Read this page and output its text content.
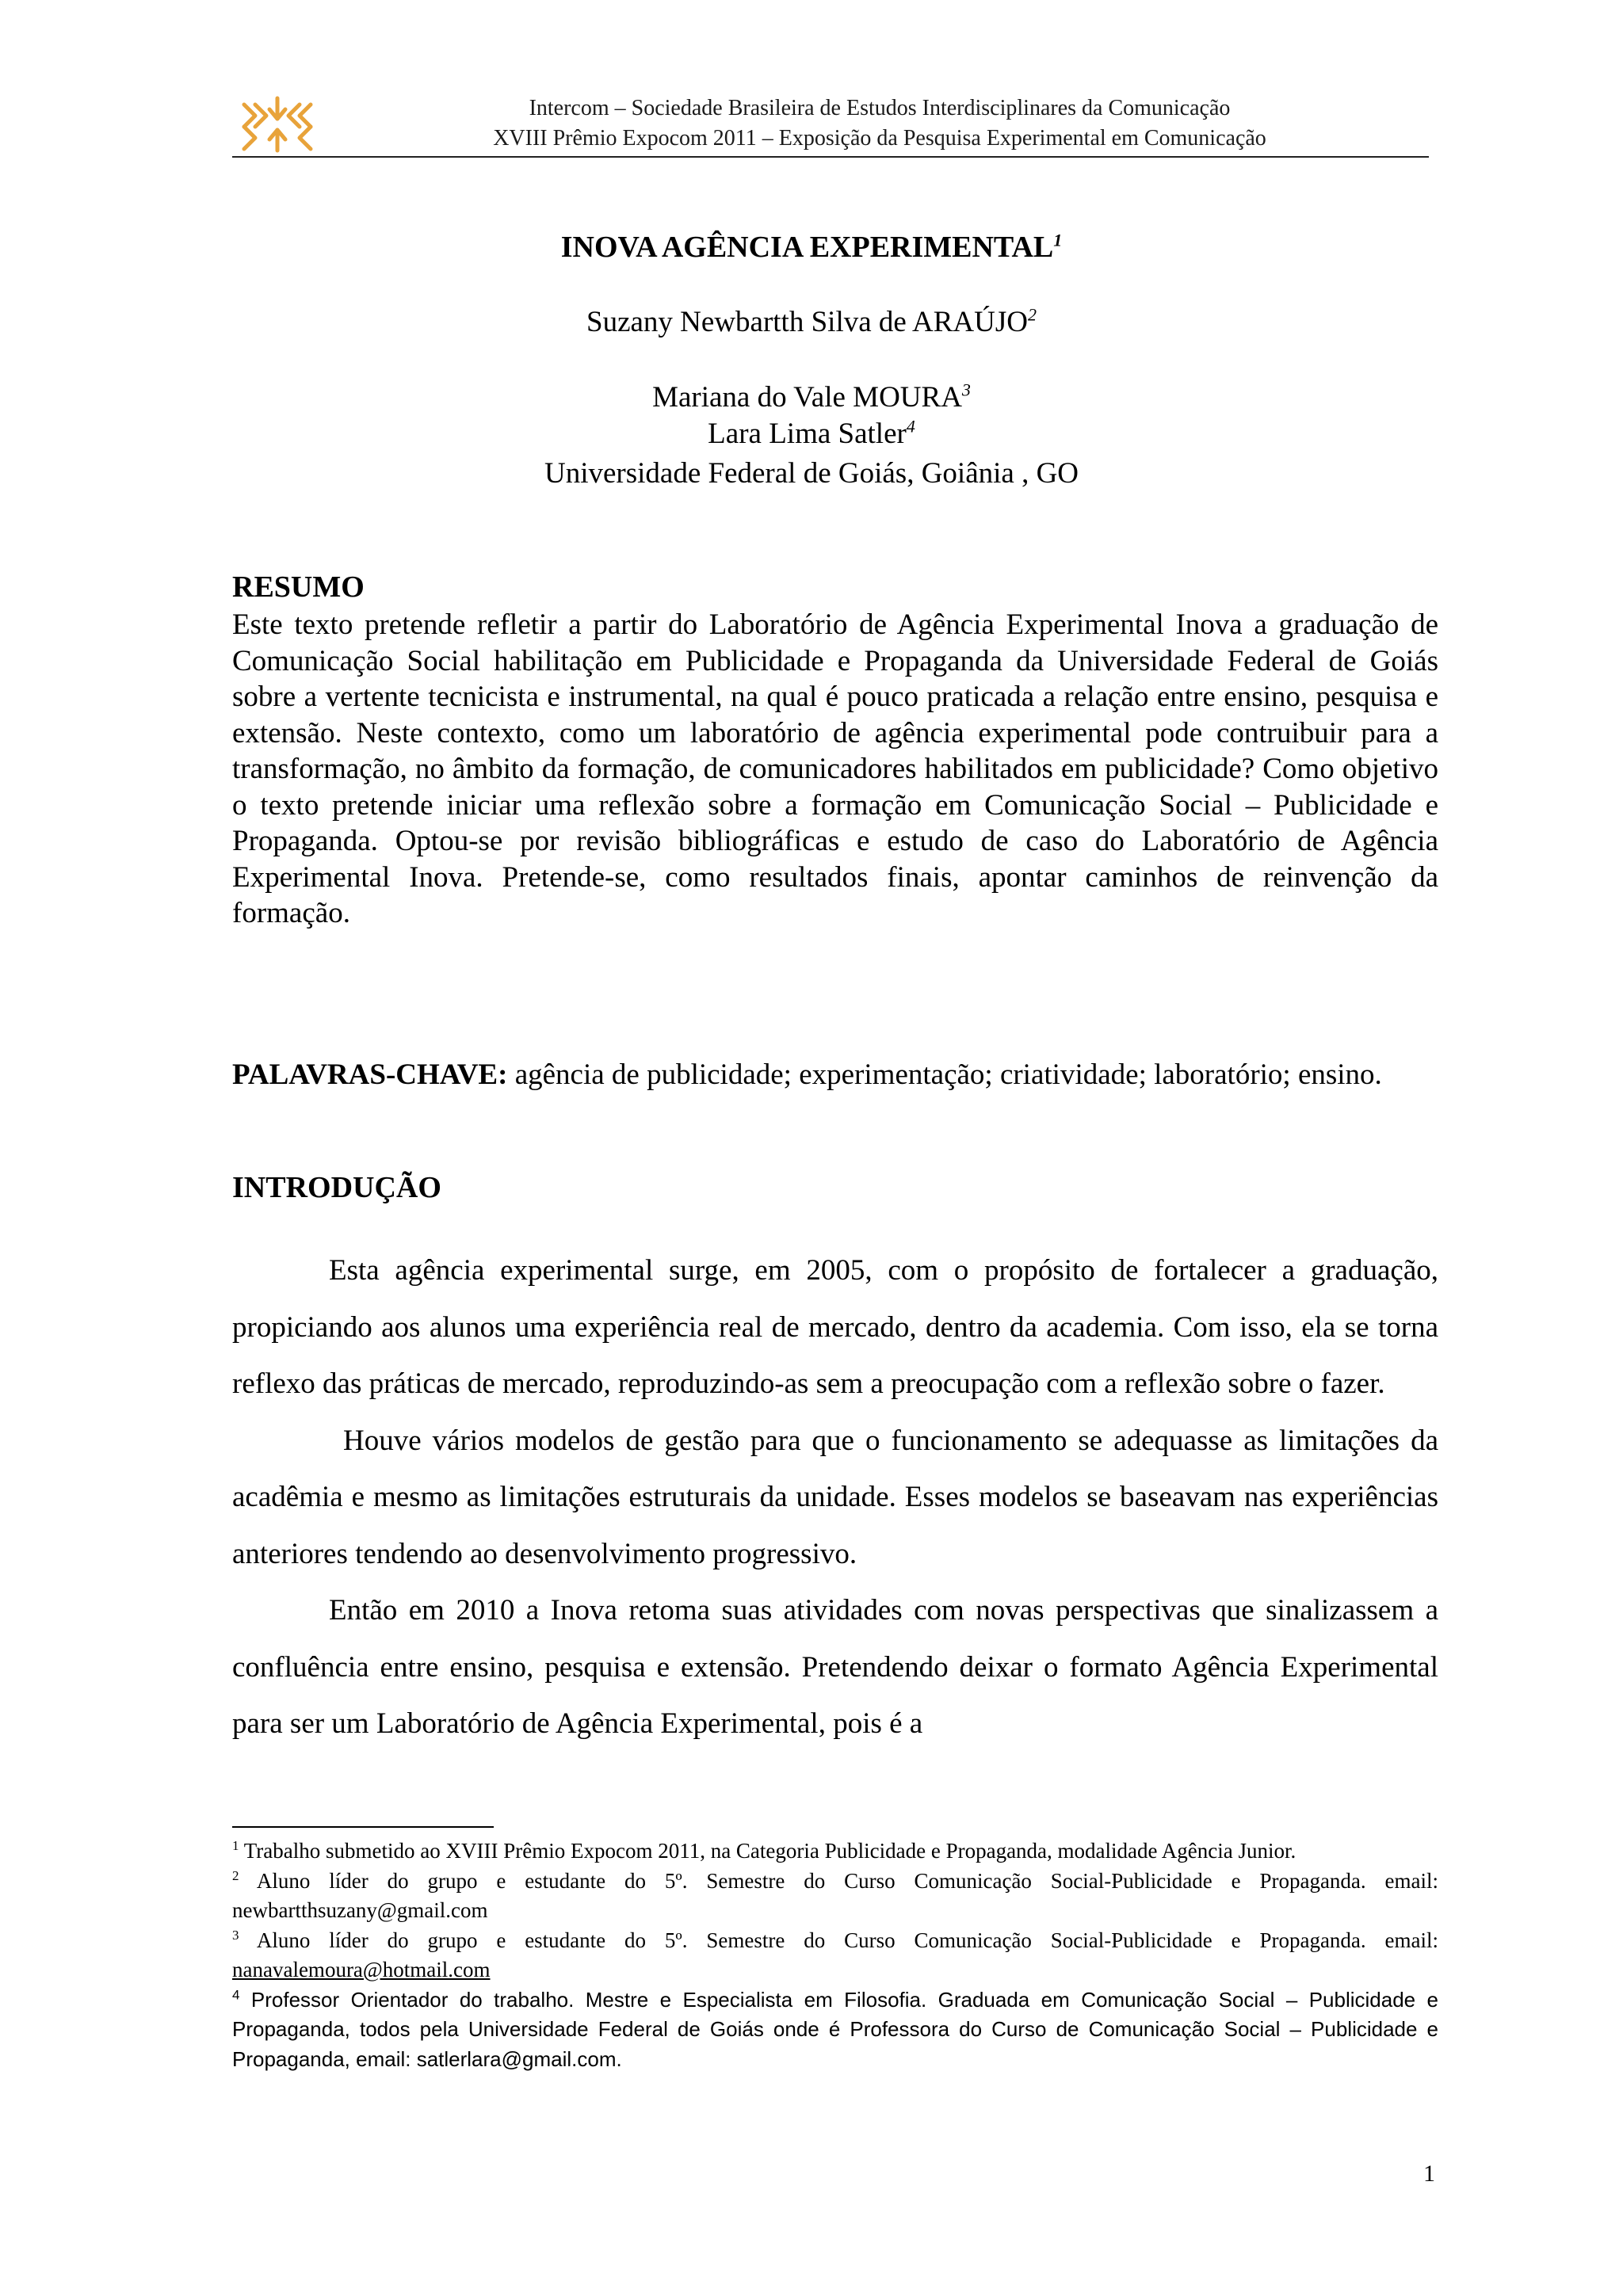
Intercom – Sociedade Brasileira de Estudos Interdisciplinares da Comunicação
XVIII Prêmio Expocom 2011 – Exposição da Pesquisa Experimental em Comunicação
INOVA AGÊNCIA EXPERIMENTAL$^1$
Suzany Newbartth Silva de ARAÚJO$^2$
Mariana do Vale MOURA$^3$
Lara Lima Satler$^4$
Universidade Federal de Goiás, Goiânia , GO
RESUMO
Este texto pretende refletir a partir do Laboratório de Agência Experimental Inova a graduação de Comunicação Social habilitação em Publicidade e Propaganda da Universidade Federal de Goiás sobre a vertente tecnicista e instrumental, na qual é pouco praticada a relação entre ensino, pesquisa e extensão. Neste contexto, como um laboratório de agência experimental pode contruibuir para a transformação, no âmbito da formação, de comunicadores habilitados em publicidade? Como objetivo o texto pretende iniciar uma reflexão sobre a formação em Comunicação Social – Publicidade e Propaganda. Optou-se por revisão bibliográficas e estudo de caso do Laboratório de Agência Experimental Inova. Pretende-se, como resultados finais, apontar caminhos de reinvenção da formação.
PALAVRAS-CHAVE: agência de publicidade; experimentação; criatividade; laboratório; ensino.
INTRODUÇÃO

Esta agência experimental surge, em 2005, com o propósito de fortalecer a graduação, propiciando aos alunos uma experiência real de mercado, dentro da academia. Com isso, ela se torna reflexo das práticas de mercado, reproduzindo-as sem a preocupação com a reflexão sobre o fazer.

Houve vários modelos de gestão para que o funcionamento se adequasse as limitações da acadêmia e mesmo as limitações estruturais da unidade. Esses modelos se baseavam nas experiências anteriores tendendo ao desenvolvimento progressivo.

Então em 2010 a Inova retoma suas atividades com novas perspectivas que sinalizassem a confluência entre ensino, pesquisa e extensão. Pretendendo deixar o formato Agência Experimental para ser um Laboratório de Agência Experimental, pois é a

$^1$ Trabalho submetido ao XVIII Prêmio Expocom 2011, na Categoria Publicidade e Propaganda, modalidade Agência Junior.

$^2$ Aluno líder do grupo e estudante do 5º. Semestre do Curso Comunicação Social-Publicidade e Propaganda. email: newbartthsuzany@gmail.com

$^3$ Aluno líder do grupo e estudante do 5º. Semestre do Curso Comunicação Social-Publicidade e Propaganda. email: nanavalemoura@hotmail.com

$^4$ Professor Orientador do trabalho. Mestre e Especialista em Filosofia. Graduada em Comunicação Social – Publicidade e Propaganda, todos pela Universidade Federal de Goiás onde é Professora do Curso de Comunicação Social – Publicidade e Propaganda, email: satlerlara@gmail.com.

1
